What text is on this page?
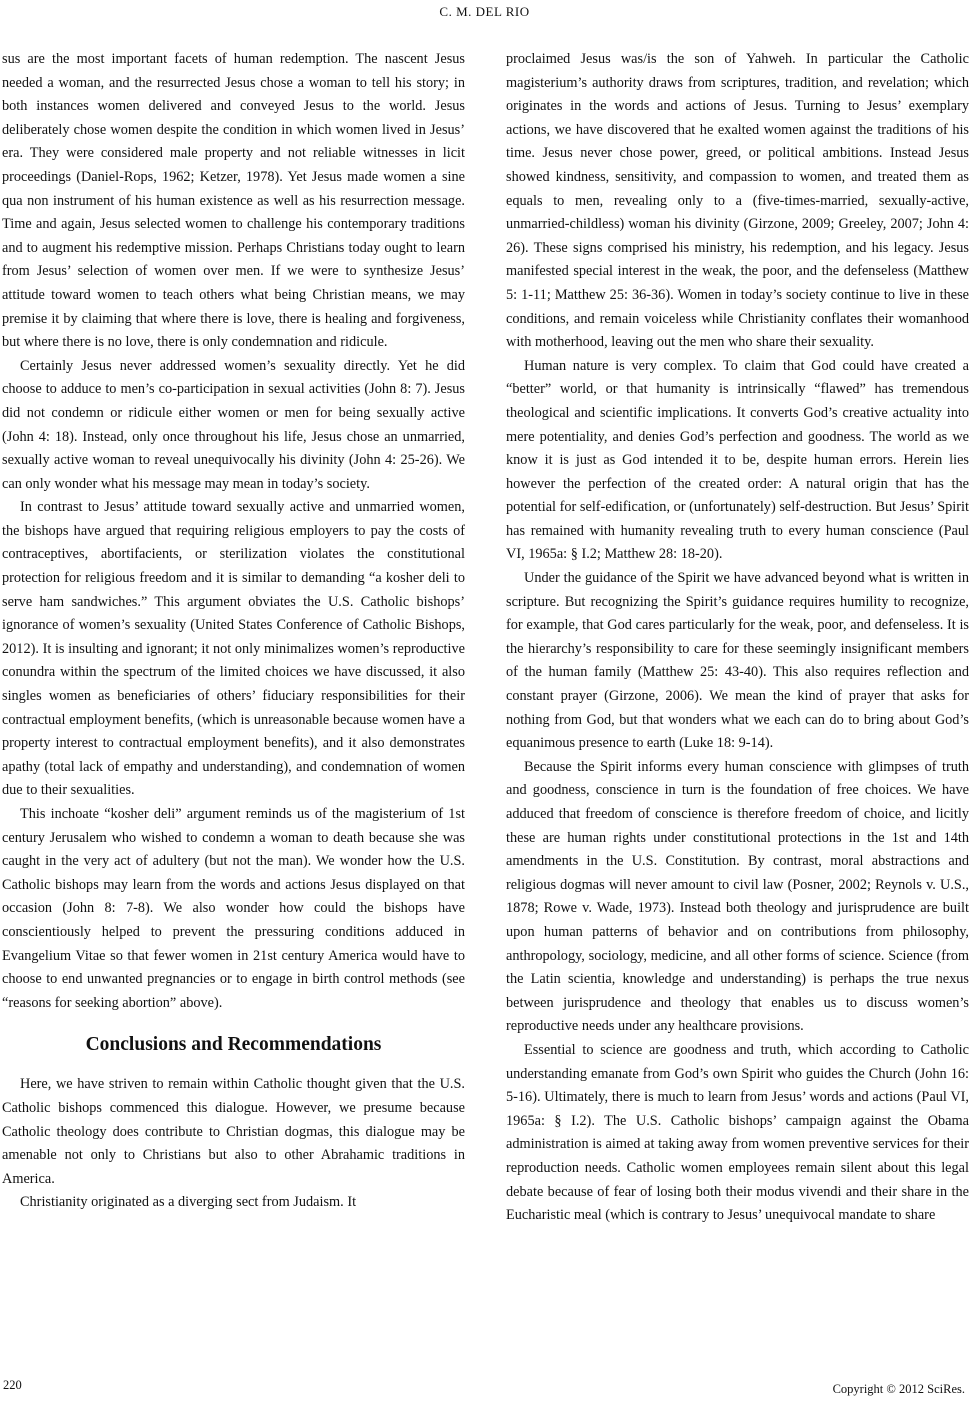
C. M. DEL RIO

sus are the most important facets of human redemption. The nascent Jesus needed a woman, and the resurrected Jesus chose a woman to tell his story; in both instances women delivered and conveyed Jesus to the world. Jesus deliberately chose women despite the condition in which women lived in Jesus’ era. They were considered male property and not reliable witnesses in licit proceedings (Daniel-Rops, 1962; Ketzer, 1978). Yet Jesus made women a sine qua non instrument of his human existence as well as his resurrection message. Time and again, Jesus selected women to challenge his contemporary traditions and to augment his redemptive mission. Perhaps Christians today ought to learn from Jesus’ selection of women over men. If we were to synthesize Jesus’ attitude toward women to teach others what being Christian means, we may premise it by claiming that where there is love, there is healing and forgiveness, but where there is no love, there is only condemnation and ridicule.

Certainly Jesus never addressed women’s sexuality directly. Yet he did choose to adduce to men’s co-participation in sexual activities (John 8: 7). Jesus did not condemn or ridicule either women or men for being sexually active (John 4: 18). Instead, only once throughout his life, Jesus chose an unmarried, sexually active woman to reveal unequivocally his divinity (John 4: 25-26). We can only wonder what his message may mean in today’s society.

In contrast to Jesus’ attitude toward sexually active and unmarried women, the bishops have argued that requiring religious employers to pay the costs of contraceptives, abortifacients, or sterilization violates the constitutional protection for religious freedom and it is similar to demanding “a kosher deli to serve ham sandwiches.” This argument obviates the U.S. Catholic bishops’ ignorance of women’s sexuality (United States Conference of Catholic Bishops, 2012). It is insulting and ignorant; it not only minimalizes women’s reproductive conundra within the spectrum of the limited choices we have discussed, it also singles women as beneficiaries of others’ fiduciary responsibilities for their contractual employment benefits, (which is unreasonable because women have a property interest to contractual employment benefits), and it also demonstrates apathy (total lack of empathy and understanding), and condemnation of women due to their sexualities.

This inchoate “kosher deli” argument reminds us of the magisterium of 1st century Jerusalem who wished to condemn a woman to death because she was caught in the very act of adultery (but not the man). We wonder how the U.S. Catholic bishops may learn from the words and actions Jesus displayed on that occasion (John 8: 7-8). We also wonder how could the bishops have conscientiously helped to prevent the pressuring conditions adduced in Evangelium Vitae so that fewer women in 21st century America would have to choose to end unwanted pregnancies or to engage in birth control methods (see “reasons for seeking abortion” above).

Conclusions and Recommendations

Here, we have striven to remain within Catholic thought given that the U.S. Catholic bishops commenced this dialogue. However, we presume because Catholic theology does contribute to Christian dogmas, this dialogue may be amenable not only to Christians but also to other Abrahamic traditions in America.

Christianity originated as a diverging sect from Judaism. It

proclaimed Jesus was/is the son of Yahweh. In particular the Catholic magisterium’s authority draws from scriptures, tradition, and revelation; which originates in the words and actions of Jesus. Turning to Jesus’ exemplary actions, we have discovered that he exalted women against the traditions of his time. Jesus never chose power, greed, or political ambitions. Instead Jesus showed kindness, sensitivity, and compassion to women, and treated them as equals to men, revealing only to a (five-times-married, sexually-active, unmarried-childless) woman his divinity (Girzone, 2009; Greeley, 2007; John 4: 26). These signs comprised his ministry, his redemption, and his legacy. Jesus manifested special interest in the weak, the poor, and the defenseless (Matthew 5: 1-11; Matthew 25: 36-36). Women in today’s society continue to live in these conditions, and remain voiceless while Christianity conflates their womanhood with motherhood, leaving out the men who share their sexuality.

Human nature is very complex. To claim that God could have created a “better” world, or that humanity is intrinsically “flawed” has tremendous theological and scientific implications. It converts God’s creative actuality into mere potentiality, and denies God’s perfection and goodness. The world as we know it is just as God intended it to be, despite human errors. Herein lies however the perfection of the created order: A natural origin that has the potential for self-edification, or (unfortunately) self-destruction. But Jesus’ Spirit has remained with humanity revealing truth to every human conscience (Paul VI, 1965a: § I.2; Matthew 28: 18-20).

Under the guidance of the Spirit we have advanced beyond what is written in scripture. But recognizing the Spirit’s guidance requires humility to recognize, for example, that God cares particularly for the weak, poor, and defenseless. It is the hierarchy’s responsibility to care for these seemingly insignificant members of the human family (Matthew 25: 43-40). This also requires reflection and constant prayer (Girzone, 2006). We mean the kind of prayer that asks for nothing from God, but that wonders what we each can do to bring about God’s equanimous presence to earth (Luke 18: 9-14).

Because the Spirit informs every human conscience with glimpses of truth and goodness, conscience in turn is the foundation of free choices. We have adduced that freedom of conscience is therefore freedom of choice, and licitly these are human rights under constitutional protections in the 1st and 14th amendments in the U.S. Constitution. By contrast, moral abstractions and religious dogmas will never amount to civil law (Posner, 2002; Reynols v. U.S., 1878; Rowe v. Wade, 1973). Instead both theology and jurisprudence are built upon human patterns of behavior and on contributions from philosophy, anthropology, sociology, medicine, and all other forms of science. Science (from the Latin scientia, knowledge and understanding) is perhaps the true nexus between jurisprudence and theology that enables us to discuss women’s reproductive needs under any healthcare provisions.

Essential to science are goodness and truth, which according to Catholic understanding emanate from God’s own Spirit who guides the Church (John 16: 5-16). Ultimately, there is much to learn from Jesus’ words and actions (Paul VI, 1965a: § I.2). The U.S. Catholic bishops’ campaign against the Obama administration is aimed at taking away from women preventive services for their reproduction needs. Catholic women employees remain silent about this legal debate because of fear of losing both their modus vivendi and their share in the Eucharistic meal (which is contrary to Jesus’ unequivocal mandate to share

220	Copyright © 2012 SciRes.
